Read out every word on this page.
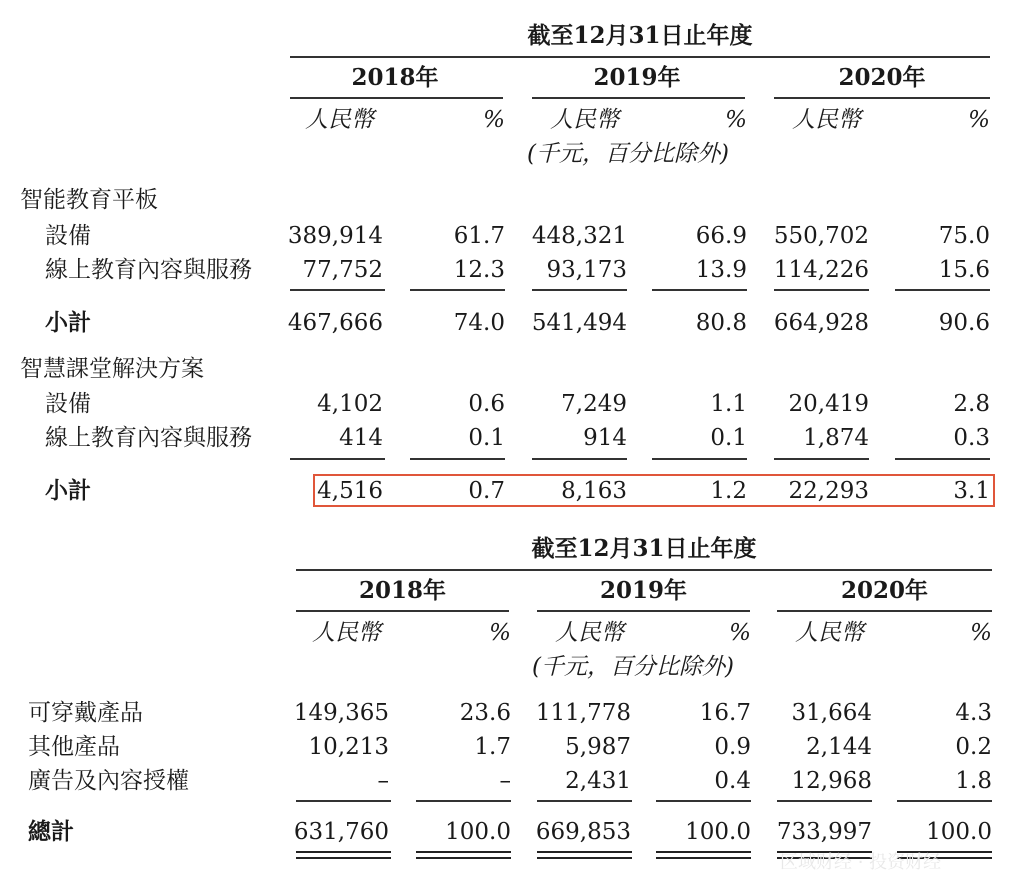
截至12月31日止年度
2018年	2019年	2020年
人民幣	% 人民幣	% 人民幣	%
(千元，百分比除外)
智能教育平板
設備	389,914	61.7	448,321	66.9	550,702	75.0
線上教育內容與服務	77,752	12.3	93,173	13.9	114,226	15.6
小計	467,666	74.0	541,494	80.8	664,928	90.6
智慧課堂解決方案
設備	4,102	0.6	7,249	1.1	20,419	2.8
線上教育內容與服務	414	0.1	914	0.1	1,874	0.3
小計	4,516	0.7	8,163	1.2	22,293	3.1
截至12月31日止年度
2018年	2019年	2020年
人民幣	% 人民幣	% 人民幣	%
(千元，百分比除外)
可穿戴產品	149,365	23.6	111,778	16.7	31,664	4.3
其他產品	10,213	1.7	5,987	0.9	2,144	0.2
廣告及內容授權	–	–	2,431	0.4	12,968	1.8
總計	631,760	100.0	669,853	100.0	733,997	100.0
区域财经 · 投资财经
